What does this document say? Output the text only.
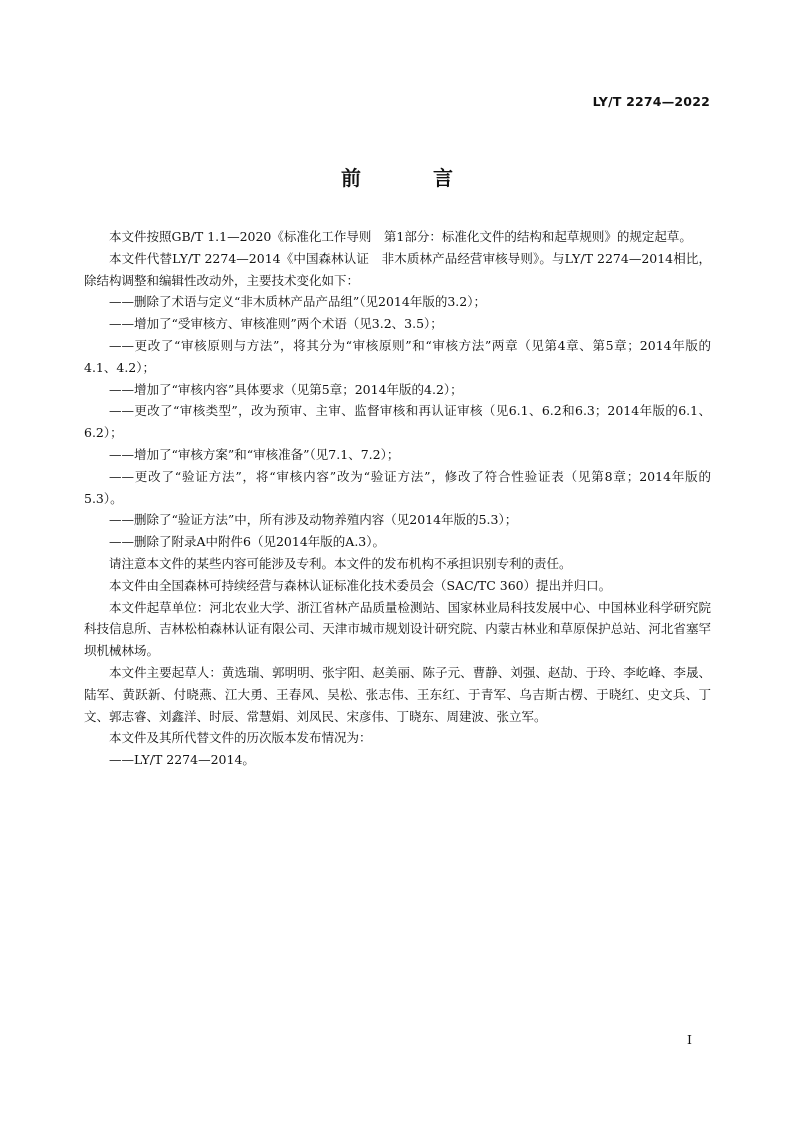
LY/T 2274—2022
前　言

本文件按照GB/T 1.1—2020《标准化工作导则　第1部分：标准化文件的结构和起草规则》的规定起草。

本文件代替LY/T 2274—2014《中国森林认证　非木质林产品经营审核导则》。与LY/T 2274—2014相比，除结构调整和编辑性改动外，主要技术变化如下：

——删除了术语与定义“非木质林产品产品组”（见2014年版的3.2）；

——增加了“受审核方、审核准则”两个术语（见3.2、3.5）；

——更改了“审核原则与方法”，将其分为“审核原则”和“审核方法”两章（见第4章、第5章；2014年版的4.1、4.2）；

——增加了“审核内容”具体要求（见第5章；2014年版的4.2）；

——更改了“审核类型”，改为预审、主审、监督审核和再认证审核（见6.1、6.2和6.3；2014年版的6.1、6.2）；

——增加了“审核方案”和“审核准备”（见7.1、7.2）；

——更改了“验证方法”，将“审核内容”改为“验证方法”，修改了符合性验证表（见第8章；2014年版的5.3）。

——删除了“验证方法”中，所有涉及动物养殖内容（见2014年版的5.3）；

——删除了附录A中附件6（见2014年版的A.3）。

请注意本文件的某些内容可能涉及专利。本文件的发布机构不承担识别专利的责任。

本文件由全国森林可持续经营与森林认证标准化技术委员会（SAC/TC 360）提出并归口。

本文件起草单位：河北农业大学、浙江省林产品质量检测站、国家林业局科技发展中心、中国林业科学研究院科技信息所、吉林松柏森林认证有限公司、天津市城市规划设计研究院、内蒙古林业和草原保护总站、河北省塞罕坝机械林场。

本文件主要起草人：黄选瑞、郭明明、张宇阳、赵美丽、陈子元、曹静、刘强、赵劼、于玲、李屹峰、李晟、陆军、黄跃新、付晓燕、江大勇、王春风、吴松、张志伟、王东红、于青军、乌吉斯古楞、于晓红、史文兵、丁文、郭志睿、刘鑫洋、时辰、常慧娟、刘凤民、宋彦伟、丁晓东、周建波、张立军。

本文件及其所代替文件的历次版本发布情况为：

——LY/T 2274—2014。

I
